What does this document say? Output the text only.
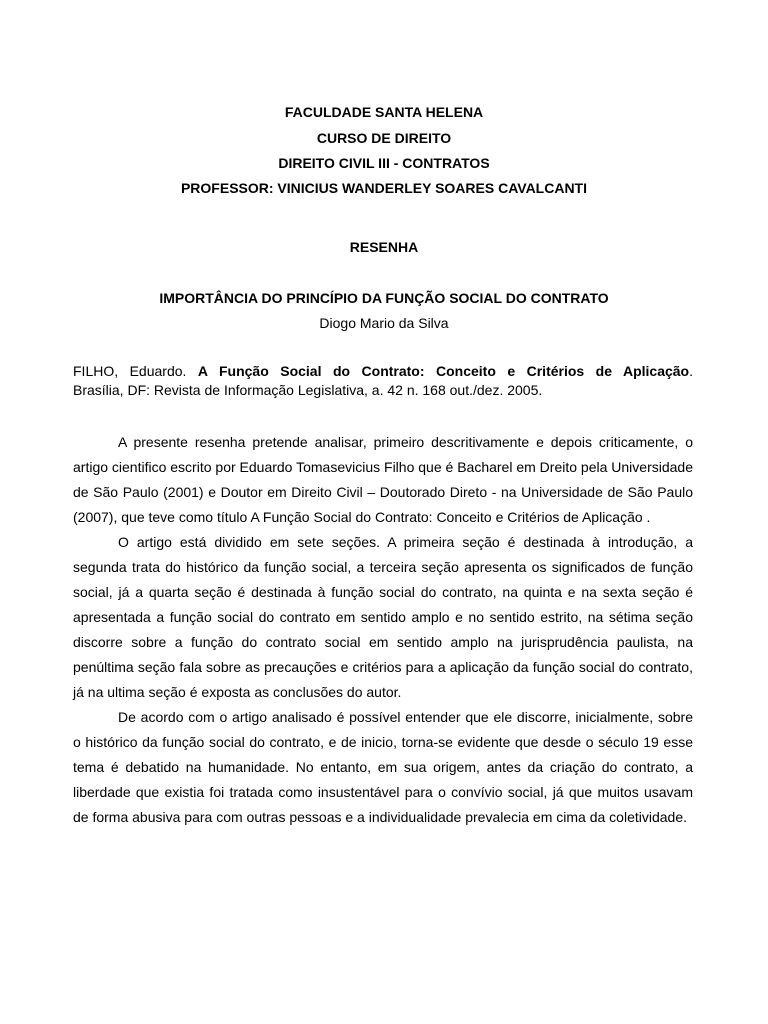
FACULDADE SANTA HELENA
CURSO DE DIREITO
DIREITO CIVIL III - CONTRATOS
PROFESSOR: VINICIUS WANDERLEY SOARES CAVALCANTI
RESENHA
IMPORTÂNCIA DO PRINCÍPIO DA FUNÇÃO SOCIAL DO CONTRATO
Diogo Mario da Silva
FILHO, Eduardo. A Função Social do Contrato: Conceito e Critérios de Aplicação.
Brasília, DF: Revista de Informação Legislativa, a. 42 n. 168 out./dez. 2005.

A presente resenha pretende analisar, primeiro descritivamente e depois criticamente, o artigo cientifico escrito por Eduardo Tomasevicius Filho que é Bacharel em Dreito pela Universidade de São Paulo (2001) e Doutor em Direito Civil – Doutorado Direto - na Universidade de São Paulo (2007), que teve como título A Função Social do Contrato: Conceito e Critérios de Aplicação .

O artigo está dividido em sete seções. A primeira seção é destinada à introdução, a segunda trata do histórico da função social, a terceira seção apresenta os significados de função social, já a quarta seção é destinada à função social do contrato, na quinta e na sexta seção é apresentada a função social do contrato em sentido amplo e no sentido estrito, na sétima seção discorre sobre a função do contrato social em sentido amplo na jurisprudência paulista, na penúltima seção fala sobre as precauções e critérios para a aplicação da função social do contrato, já na ultima seção é exposta as conclusões do autor.

De acordo com o artigo analisado é possível entender que ele discorre, inicialmente, sobre o histórico da função social do contrato, e de inicio, torna-se evidente que desde o século 19 esse tema é debatido na humanidade. No entanto, em sua origem, antes da criação do contrato, a liberdade que existia foi tratada como insustentável para o convívio social, já que muitos usavam de forma abusiva para com outras pessoas e a individualidade prevalecia em cima da coletividade.
